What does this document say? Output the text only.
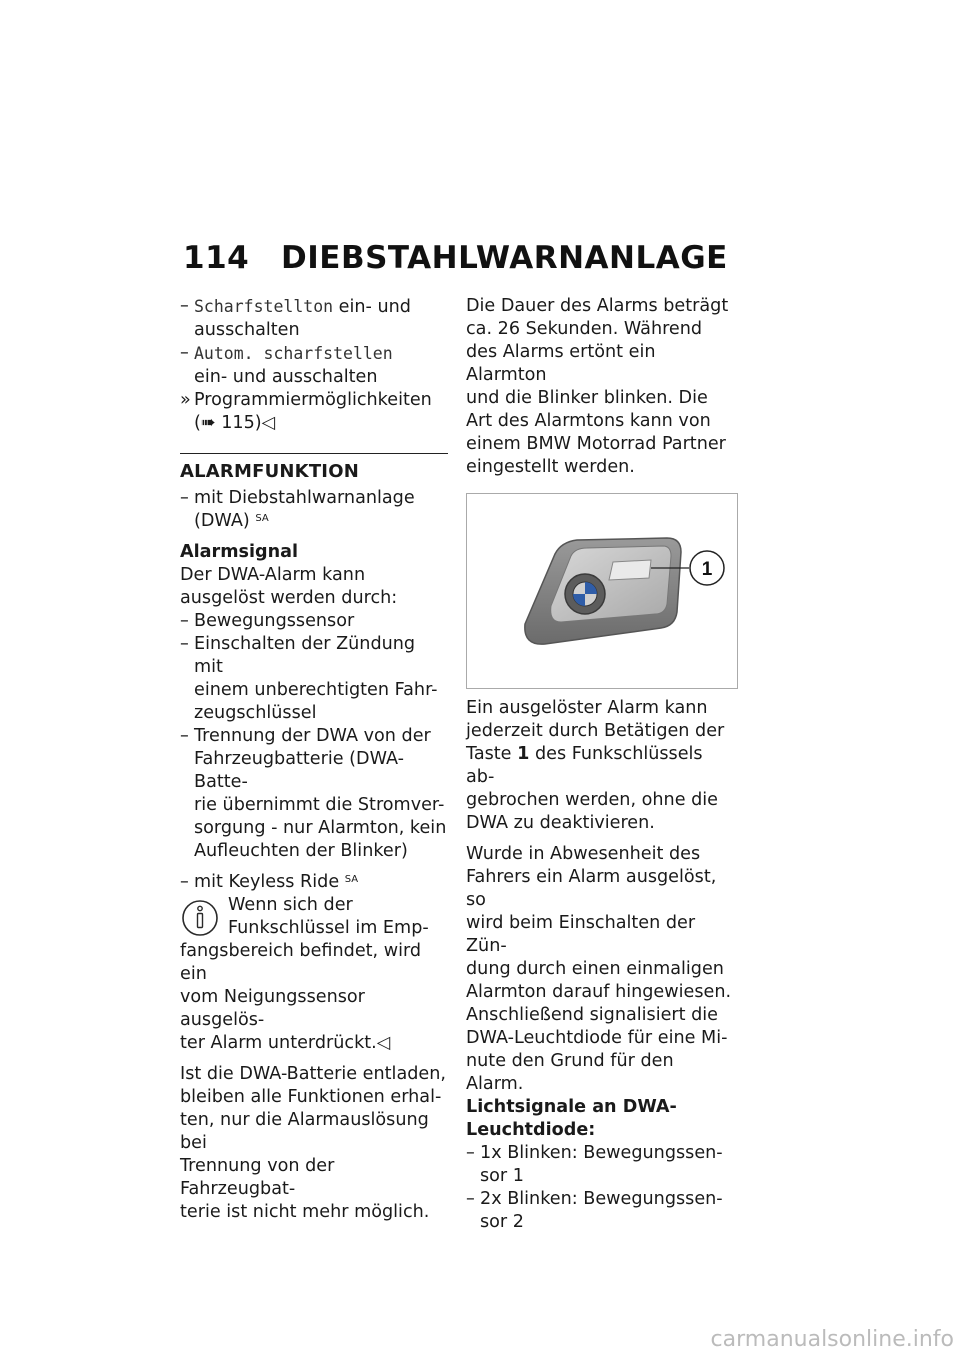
114 DIEBSTAHLWARNANLAGE
– Scharfstellton ein- und
ausschalten
– Autom. scharfstellen
ein- und ausschalten
» Programmiermöglichkeiten
(➠ 115)◁
ALARMFUNKTION
– mit Diebstahlwarnanlage
(DWA) $^{SA}$
Alarmsignal
Der DWA-Alarm kann ausgelöst werden durch:
– Bewegungssensor
– Einschalten der Zündung mit
einem unberechtigten Fahr-
zeugschlüssel
– Trennung der DWA von der
Fahrzeugbatterie (DWA-Batte-
rie übernimmt die Stromver-
sorgung - nur Alarmton, kein
Aufleuchten der Blinker)
– mit Keyless Ride $^{SA}$
Wenn sich der
Funkschlüssel im Emp-
fangsbereich befindet, wird ein
vom Neigungssensor ausgelös-
ter Alarm unterdrückt.◁
Ist die DWA-Batterie entladen,
bleiben alle Funktionen erhal-
ten, nur die Alarmauslösung bei
Trennung von der Fahrzeugbat-
terie ist nicht mehr möglich.
Die Dauer des Alarms beträgt
ca. 26 Sekunden. Während
des Alarms ertönt ein Alarmton
und die Blinker blinken. Die
Art des Alarmtons kann von
einem BMW Motorrad Partner
eingestellt werden.
1
Ein ausgelöster Alarm kann
jederzeit durch Betätigen der
Taste 1 des Funkschlüssels ab-
gebrochen werden, ohne die
DWA zu deaktivieren.
Wurde in Abwesenheit des
Fahrers ein Alarm ausgelöst, so
wird beim Einschalten der Zün-
dung durch einen einmaligen
Alarmton darauf hingewiesen.
Anschließend signalisiert die
DWA-Leuchtdiode für eine Mi-
nute den Grund für den Alarm.
Lichtsignale an DWA-
Leuchtdiode:
– 1x Blinken: Bewegungssen-
sor 1
– 2x Blinken: Bewegungssen-
sor 2
carmanualsonline.info
